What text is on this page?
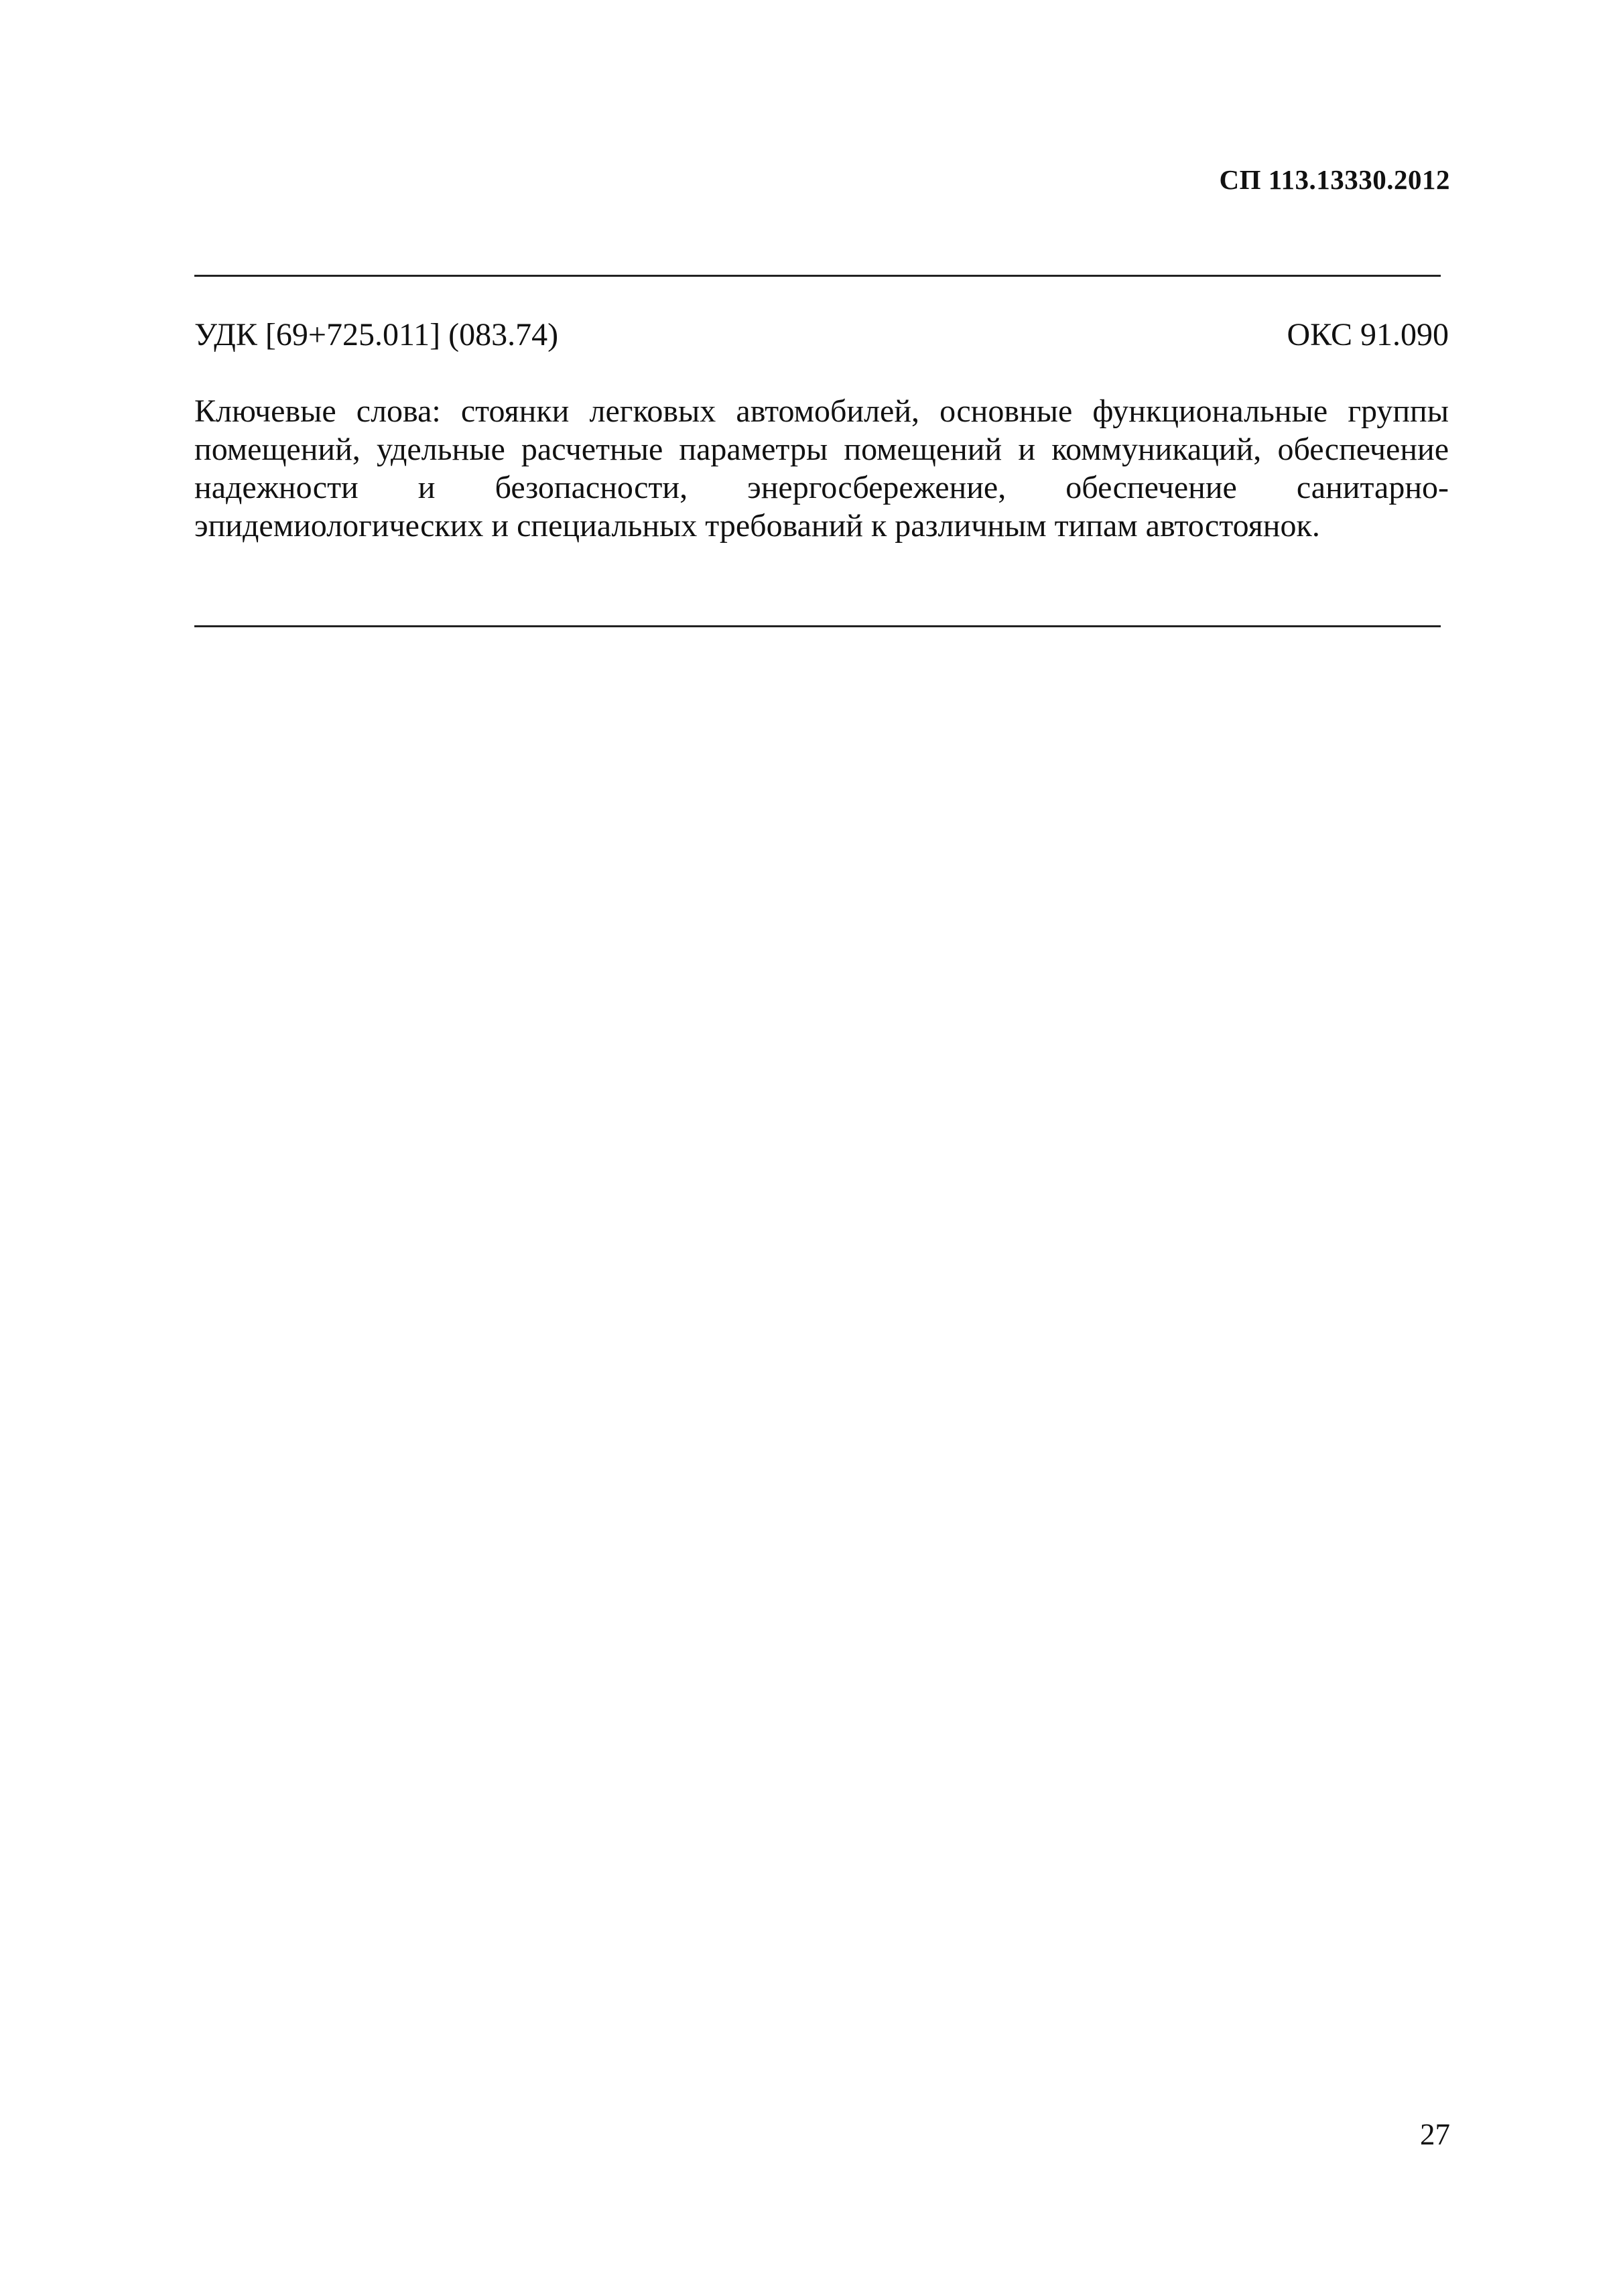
СП 113.13330.2012
УДК [69+725.011] (083.74)	ОКС 91.090
Ключевые слова: стоянки легковых автомобилей, основные функциональные группы помещений, удельные расчетные параметры помещений и коммуникаций, обеспечение надежности и безопасности, энергосбережение, обеспечение санитарно-эпидемиологических и специальных требований к различным типам автостоянок.
27
